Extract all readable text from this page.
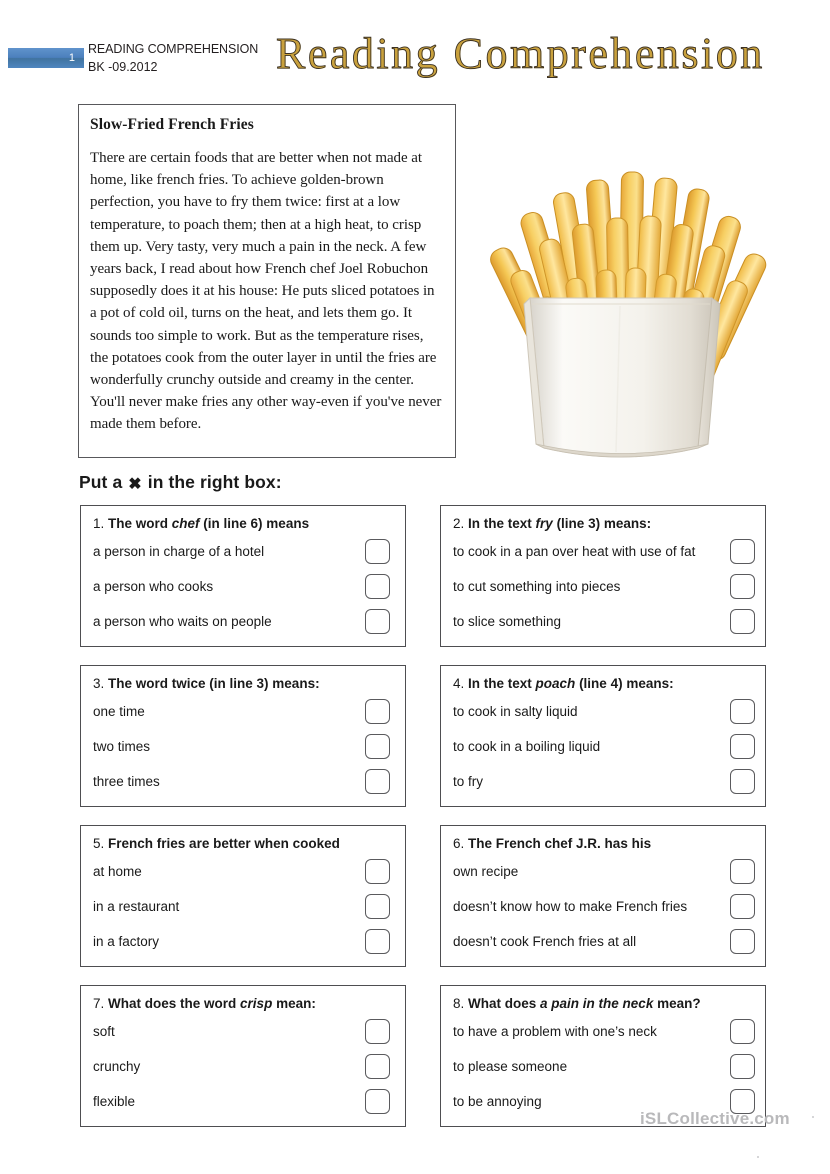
1
READING COMPREHENSION
BK -09.2012	Reading Comprehension
Slow-Fried French Fries
There are certain foods that are better when not made at home, like french fries. To achieve golden-brown perfection, you have to fry them twice: first at a low temperature, to poach them; then at a high heat, to crisp them up. Very tasty, very much a pain in the neck. A few years back, I read about how French chef Joel Robuchon supposedly does it at his house: He puts sliced potatoes in a pot of cold oil, turns on the heat, and lets them go. It sounds too simple to work. But as the temperature rises, the potatoes cook from the outer layer in until the fries are wonderfully crunchy outside and creamy in the center. You'll never make fries any other way-even if you've never made them before.
Put a ✖ in the right box:
1. The word chef (in line 6) means
a person in charge of a hotel
a person who cooks
a person who waits on people
2. In the text fry (line 3) means:
to cook in a pan over heat with use of fat
to cut something into pieces
to slice something
3. The word twice (in line 3) means:
one time
two times
three times
4. In the text poach (line 4) means:
to cook in salty liquid
to cook in a boiling liquid
to fry
5. French fries are better when cooked
at home
in a restaurant
in a factory
6. The French chef J.R. has his
own recipe
doesn’t know how to make French fries
doesn’t cook French fries at all
7. What does the word crisp mean:
soft
crunchy
flexible
8. What does a pain in the neck mean?
to have a problem with one’s neck
to please someone
to be annoying
iSLCollective.com
